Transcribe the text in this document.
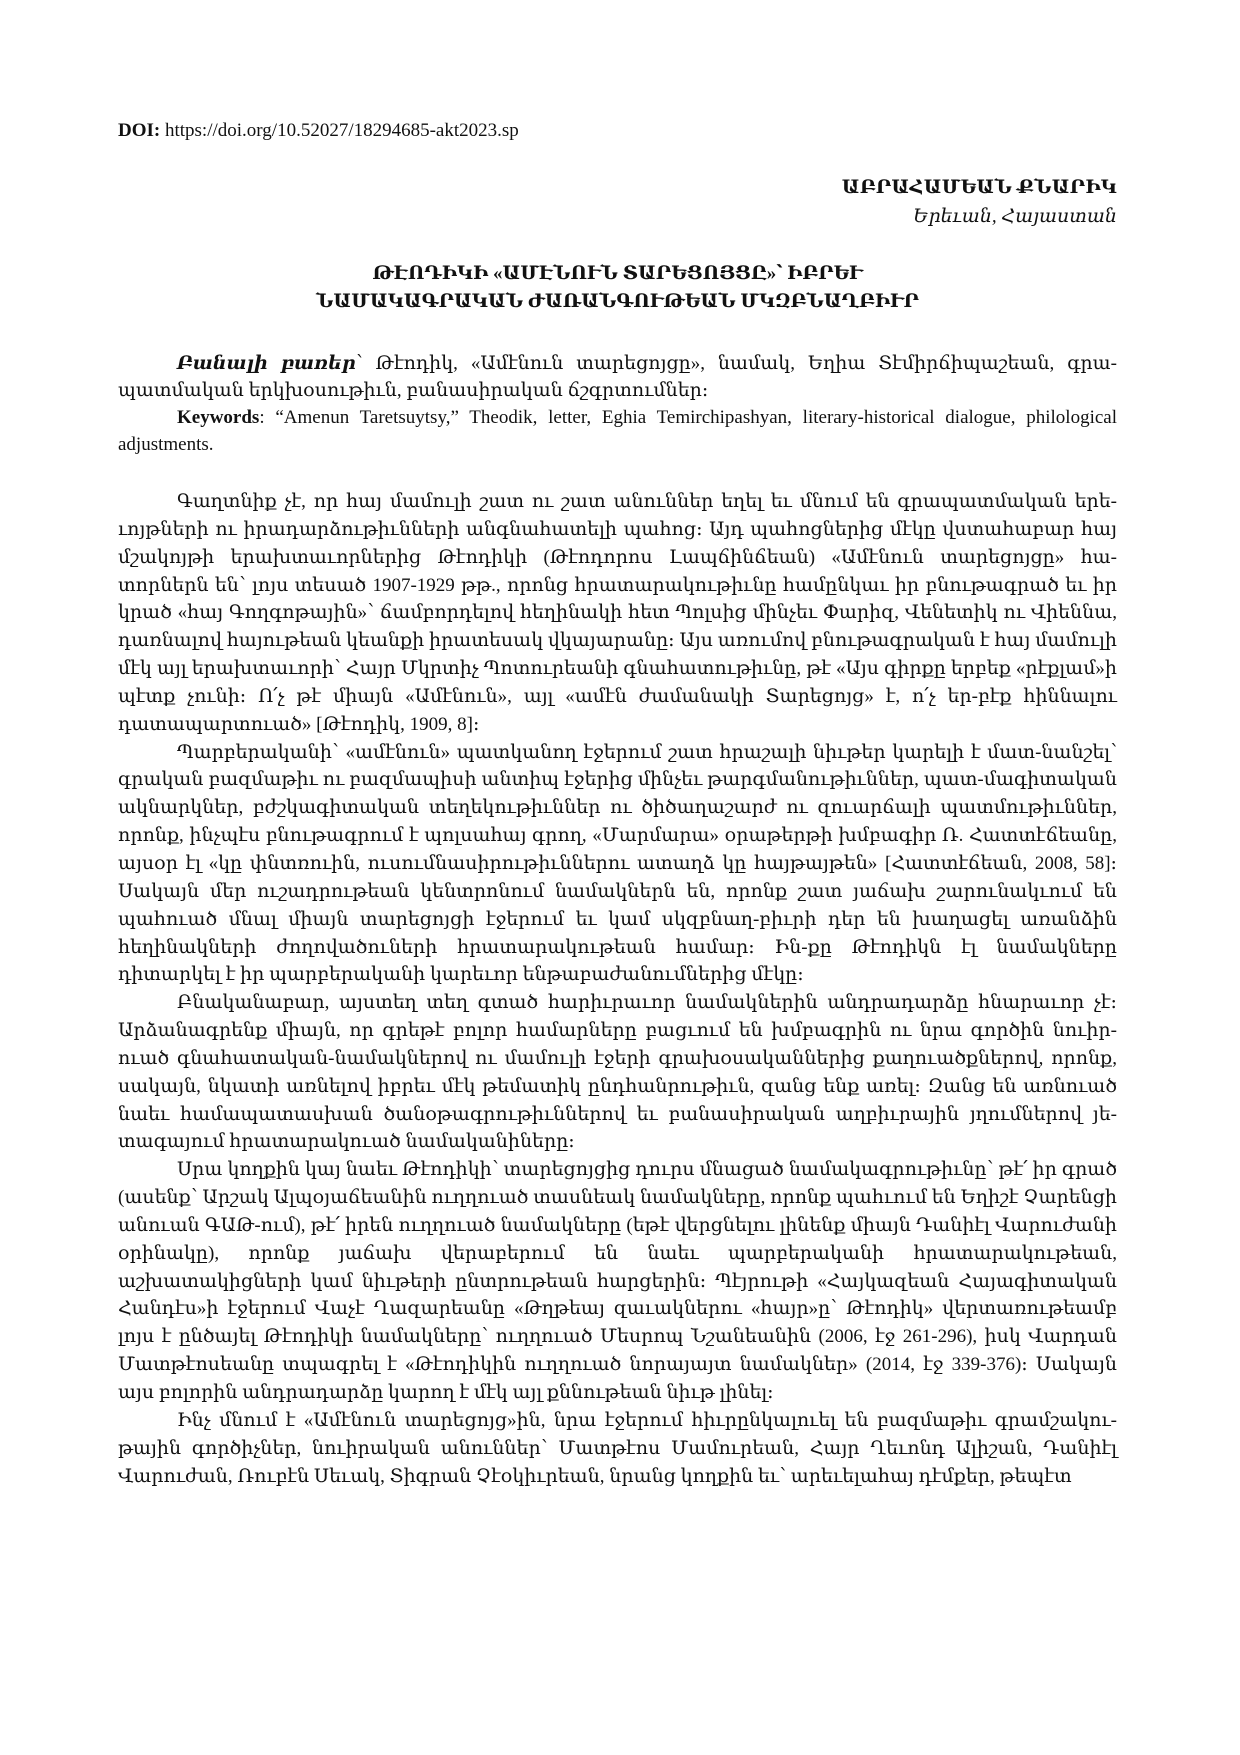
DOI: https://doi.org/10.52027/18294685-akt2023.sp
ԱԲՐԱՀԱՄԵԱՆ ՔՆԱՐԻԿ
Երեւան, Հայաստան
ԹԷՈԴԻԿԻ «ԱՄԷՆՈՒՆ ՏԱՐԵՑՈՅՑԸ»՝ ԻԲՐԵՒ
ՆԱՄԱԿԱԳՐԱԿԱՆ ԺԱՌԱՆԳՈՒԹԵԱՆ ՄԿԶԲՆԱՂԲԻՒՐ

Բանալի բառեր՝ Թէոդիկ, «Ամէնուն տարեցոյցը», նամակ, Եղիա Տէմիրճիպաշեան, գրա-պատմական երկխօսութիւն, բանասիրական ճշգրտումներ։

Keywords: “Amenun Taretsuytsy,” Theodik, letter, Eghia Temirchipashyan, literary-historical dialogue, philological adjustments.

Գաղտնիք չէ, որ հայ մամուլի շատ ու շատ անուններ եղել եւ մնում են գրապատմական երե-ւոյթների ու իրադարձութիւնների անգնահատելի պահոց։ Այդ պահոցներից մէկը վստահաբար հայ մշակոյթի երախտաւորներից Թէոդիկի (Թէոդորոս Լապճինճեան) «Ամէնուն տարեցոյցը» հա-տորներն են՝ լոյս տեսած 1907-1929 թթ., որոնց հրատարակութիւնը համընկաւ իր բնութագրած եւ իր կրած «հայ Գողգոթային»՝ ճամբորդելով հեղինակի հետ Պոլսից մինչեւ Փարիզ, Վենետիկ ու Վիեննա, դառնալով հայութեան կեանքի իրատեսակ վկայարանը։ Այս առումով բնութագրական է հայ մամուլի մէկ այլ երախտաւորի՝ Հայր Մկրտիչ Պոտուրեանի գնահատութիւնը, թէ «Այս գիրքը երբեք «րէքլամ»ի պէտք չունի։ Ո՛չ թէ միայն «Ամէնուն», այլ «ամէն ժամանակի Տարեցոյց» է, ո՛չ եր-բէք հիննալու դատապարտուած» [Թէոդիկ, 1909, 8]։

Պարբերականի՝ «ամէնուն» պատկանող էջերում շատ հրաշալի նիւթեր կարելի է մատ-նանշել՝ գրական բազմաթիւ ու բազմապիսի անտիպ էջերից մինչեւ թարգմանութիւններ, պատ-մագիտական ակնարկներ, բժշկագիտական տեղեկութիւններ ու ծիծաղաշարժ ու զուարճալի պատմութիւններ, որոնք, ինչպէս բնութագրում է պոլսահայ գրող, «Մարմարա» օրաթերթի խմբագիր Ռ. Հատտէճեանը, այսօր էլ «կը փնտռուին, ուսումնասիրութիւններու ատաղձ կը հայթայթեն» [Հատտէճեան, 2008, 58]։ Սակայն մեր ուշադրութեան կենտրոնում նամակներն են, որոնք շատ յաճախ շարունակւում են պահուած մնալ միայն տարեցոյցի էջերում եւ կամ սկզբնաղ-բիւրի դեր են խաղացել առանձին հեղինակների ժողովածուների հրատարակութեան համար։ Ին-քը Թէոդիկն էլ նամակները դիտարկել է իր պարբերականի կարեւոր ենթաբաժանումներից մէկը։

Բնականաբար, այստեղ տեղ գտած հարիւրաւոր նամակներին անդրադարձը հնարաւոր չէ։ Արձանագրենք միայն, որ գրեթէ բոլոր համարները բացւում են խմբագրին ու նրա գործին նուիր-ուած գնահատական-նամակներով ու մամուլի էջերի գրախօսականներից քաղուածքներով, որոնք, սակայն, նկատի առնելով իբրեւ մէկ թեմատիկ ընդհանրութիւն, զանց ենք առել։ Զանց են առնուած նաեւ համապատասխան ծանօթագրութիւններով եւ բանասիրական աղբիւրային յղումներով յե-տագայում հրատարակուած նամականիները։

Սրա կողքին կայ նաեւ Թէոդիկի՝ տարեցոյցից դուրս մնացած նամակագրութիւնը՝ թէ՛ իր գրած (ասենք՝ Արշակ Ալպօյաճեանին ուղղուած տասնեակ նամակները, որոնք պահւում են Եղիշէ Չարենցի անուան ԳԱԹ-ում), թէ՛ իրեն ուղղուած նամակները (եթէ վերցնելու լինենք միայն Դանիէլ Վարուժանի օրինակը), որոնք յաճախ վերաբերում են նաեւ պարբերականի հրատարակութեան, աշխատակիցների կամ նիւթերի ընտրութեան հարցերին։ Պէյրութի «Հայկազեան Հայագիտական Հանդէս»ի էջերում Վաչէ Ղազարեանը «Թղթեայ զաւակներու «հայր»ը՝ Թէոդիկ» վերտառութեամբ լոյս է ընծայել Թէոդիկի նամակները՝ ուղղուած Մեսրոպ Նշանեանին (2006, էջ 261-296), իսկ Վարդան Մատթէոսեանը տպագրել է «Թէոդիկին ուղղուած նորայայտ նամակներ» (2014, էջ 339-376)։ Սակայն այս բոլորին անդրադարձը կարող է մէկ այլ քննութեան նիւթ լինել։

Ինչ մնում է «Ամէնուն տարեցոյց»ին, նրա էջերում հիւրընկալուել են բազմաթիւ գրամշակու-թային գործիչներ, նուիրական անուններ՝ Մատթէոս Մամուրեան, Հայր Ղեւոնդ Ալիշան, Դանիէլ Վարուժան, Ռուբէն Սեւակ, Տիգրան Չէօկիւրեան, նրանց կողքին եւ՝ արեւելահայ դէմքեր, թեպէտ
